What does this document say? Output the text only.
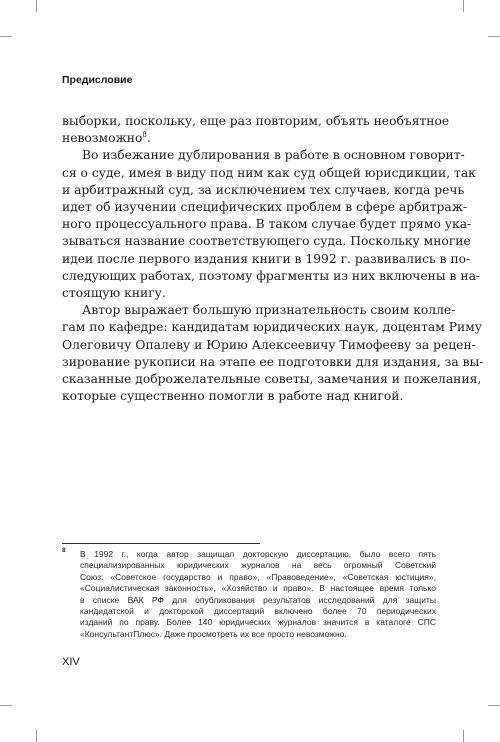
Предисловие
выборки, поскольку, еще раз повторим, объять необъятное
невозможно$^8$.
Во избежание дублирования в работе в основном говорит-
ся о суде, имея в виду под ним как суд общей юрисдикции, так
и арбитражный суд, за исключением тех случаев, когда речь
идет об изучении специфических проблем в сфере арбитраж-
ного процессуального права. В таком случае будет прямо ука-
зываться название соответствующего суда. Поскольку многие
идеи после первого издания книги в 1992 г. развивались в по-
следующих работах, поэтому фрагменты из них включены в на-
стоящую книгу.
Автор выражает большую признательность своим колле-
гам по кафедре: кандидатам юридических наук, доцентам Риму
Олеговичу Опалеву и Юрию Алексеевичу Тимофееву за рецен-
зирование рукописи на этапе ее подготовки для издания, за вы-
сказанные доброжелательные советы, замечания и пожелания,
которые существенно помогли в работе над книгой.
8	В 1992 г., когда автор защищал докторскую диссертацию, было всего пять
специализированных юридических журналов на весь огромный Советский
Союз: «Советское государство и право», «Правоведение», «Советская юстиция»,
«Социалистическая законность», «Хозяйство и право». В настоящее время только
в списке ВАК РФ для опубликования результатов исследований для защиты
кандидатской и докторской диссертаций включено более 70 периодических
изданий по праву. Более 140 юридических журналов значится в каталоге СПС
«КонсультантПлюс». Даже просмотреть их все просто невозможно.
XIV
